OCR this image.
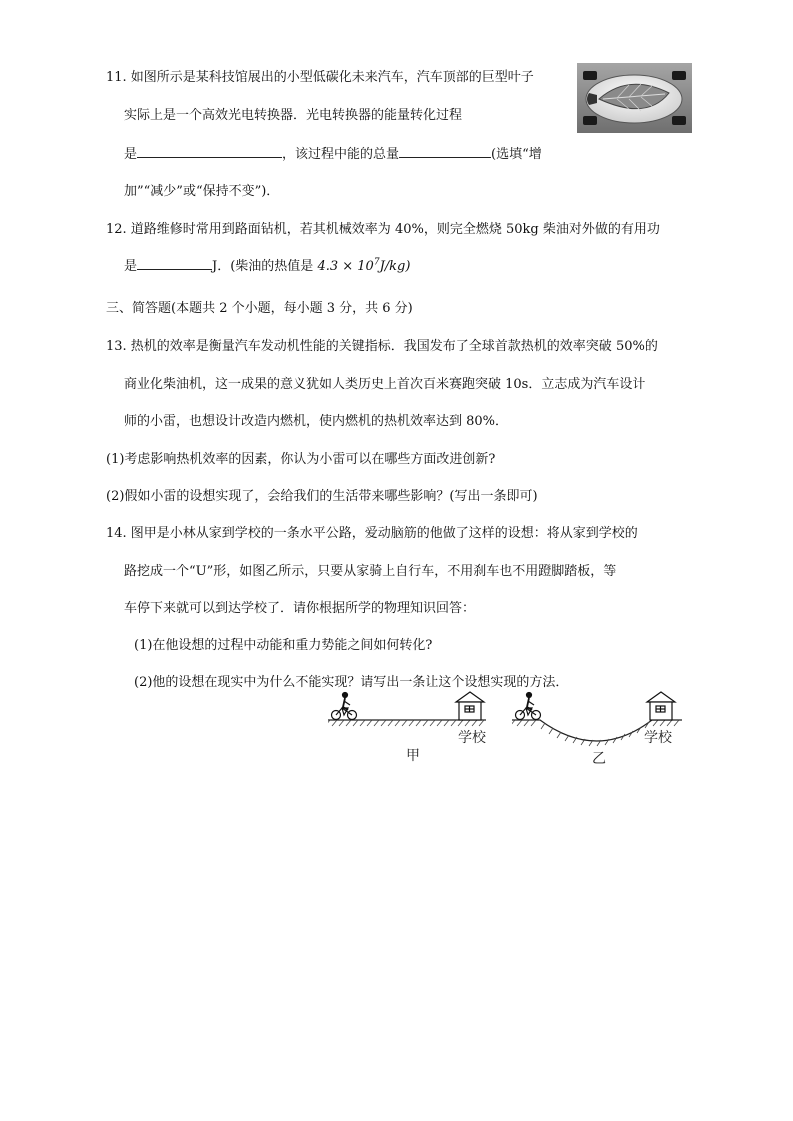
11. 如图所示是某科技馆展出的小型低碳化未来汽车，汽车顶部的巨型叶子
实际上是一个高效光电转换器．光电转换器的能量转化过程
是	，该过程中能的总量	(选填“增
加”“减少”或“保持不变”)．
12. 道路维修时常用到路面钻机，若其机械效率为 40%，则完全燃烧 50kg 柴油对外做的有用功
是	J．(柴油的热值是 $4.3 \times 10^7J/kg$)
三、简答题(本题共 2 个小题，每小题 3 分，共 6 分)
13. 热机的效率是衡量汽车发动机性能的关键指标．我国发布了全球首款热机的效率突破 50%的
商业化柴油机，这一成果的意义犹如人类历史上首次百米赛跑突破 10s．立志成为汽车设计
师的小雷，也想设计改造内燃机，使内燃机的热机效率达到 80%．
(1)考虑影响热机效率的因素，你认为小雷可以在哪些方面改进创新?
(2)假如小雷的设想实现了，会给我们的生活带来哪些影响？(写出一条即可)
14. 图甲是小林从家到学校的一条水平公路，爱动脑筋的他做了这样的设想：将从家到学校的
路挖成一个“U”形，如图乙所示，只要从家骑上自行车，不用刹车也不用蹬脚踏板，等
车停下来就可以到达学校了．请你根据所学的物理知识回答：
(1)在他设想的过程中动能和重力势能之间如何转化?
(2)他的设想在现实中为什么不能实现？请写出一条让这个设想实现的方法．
学校
甲
学校
乙
